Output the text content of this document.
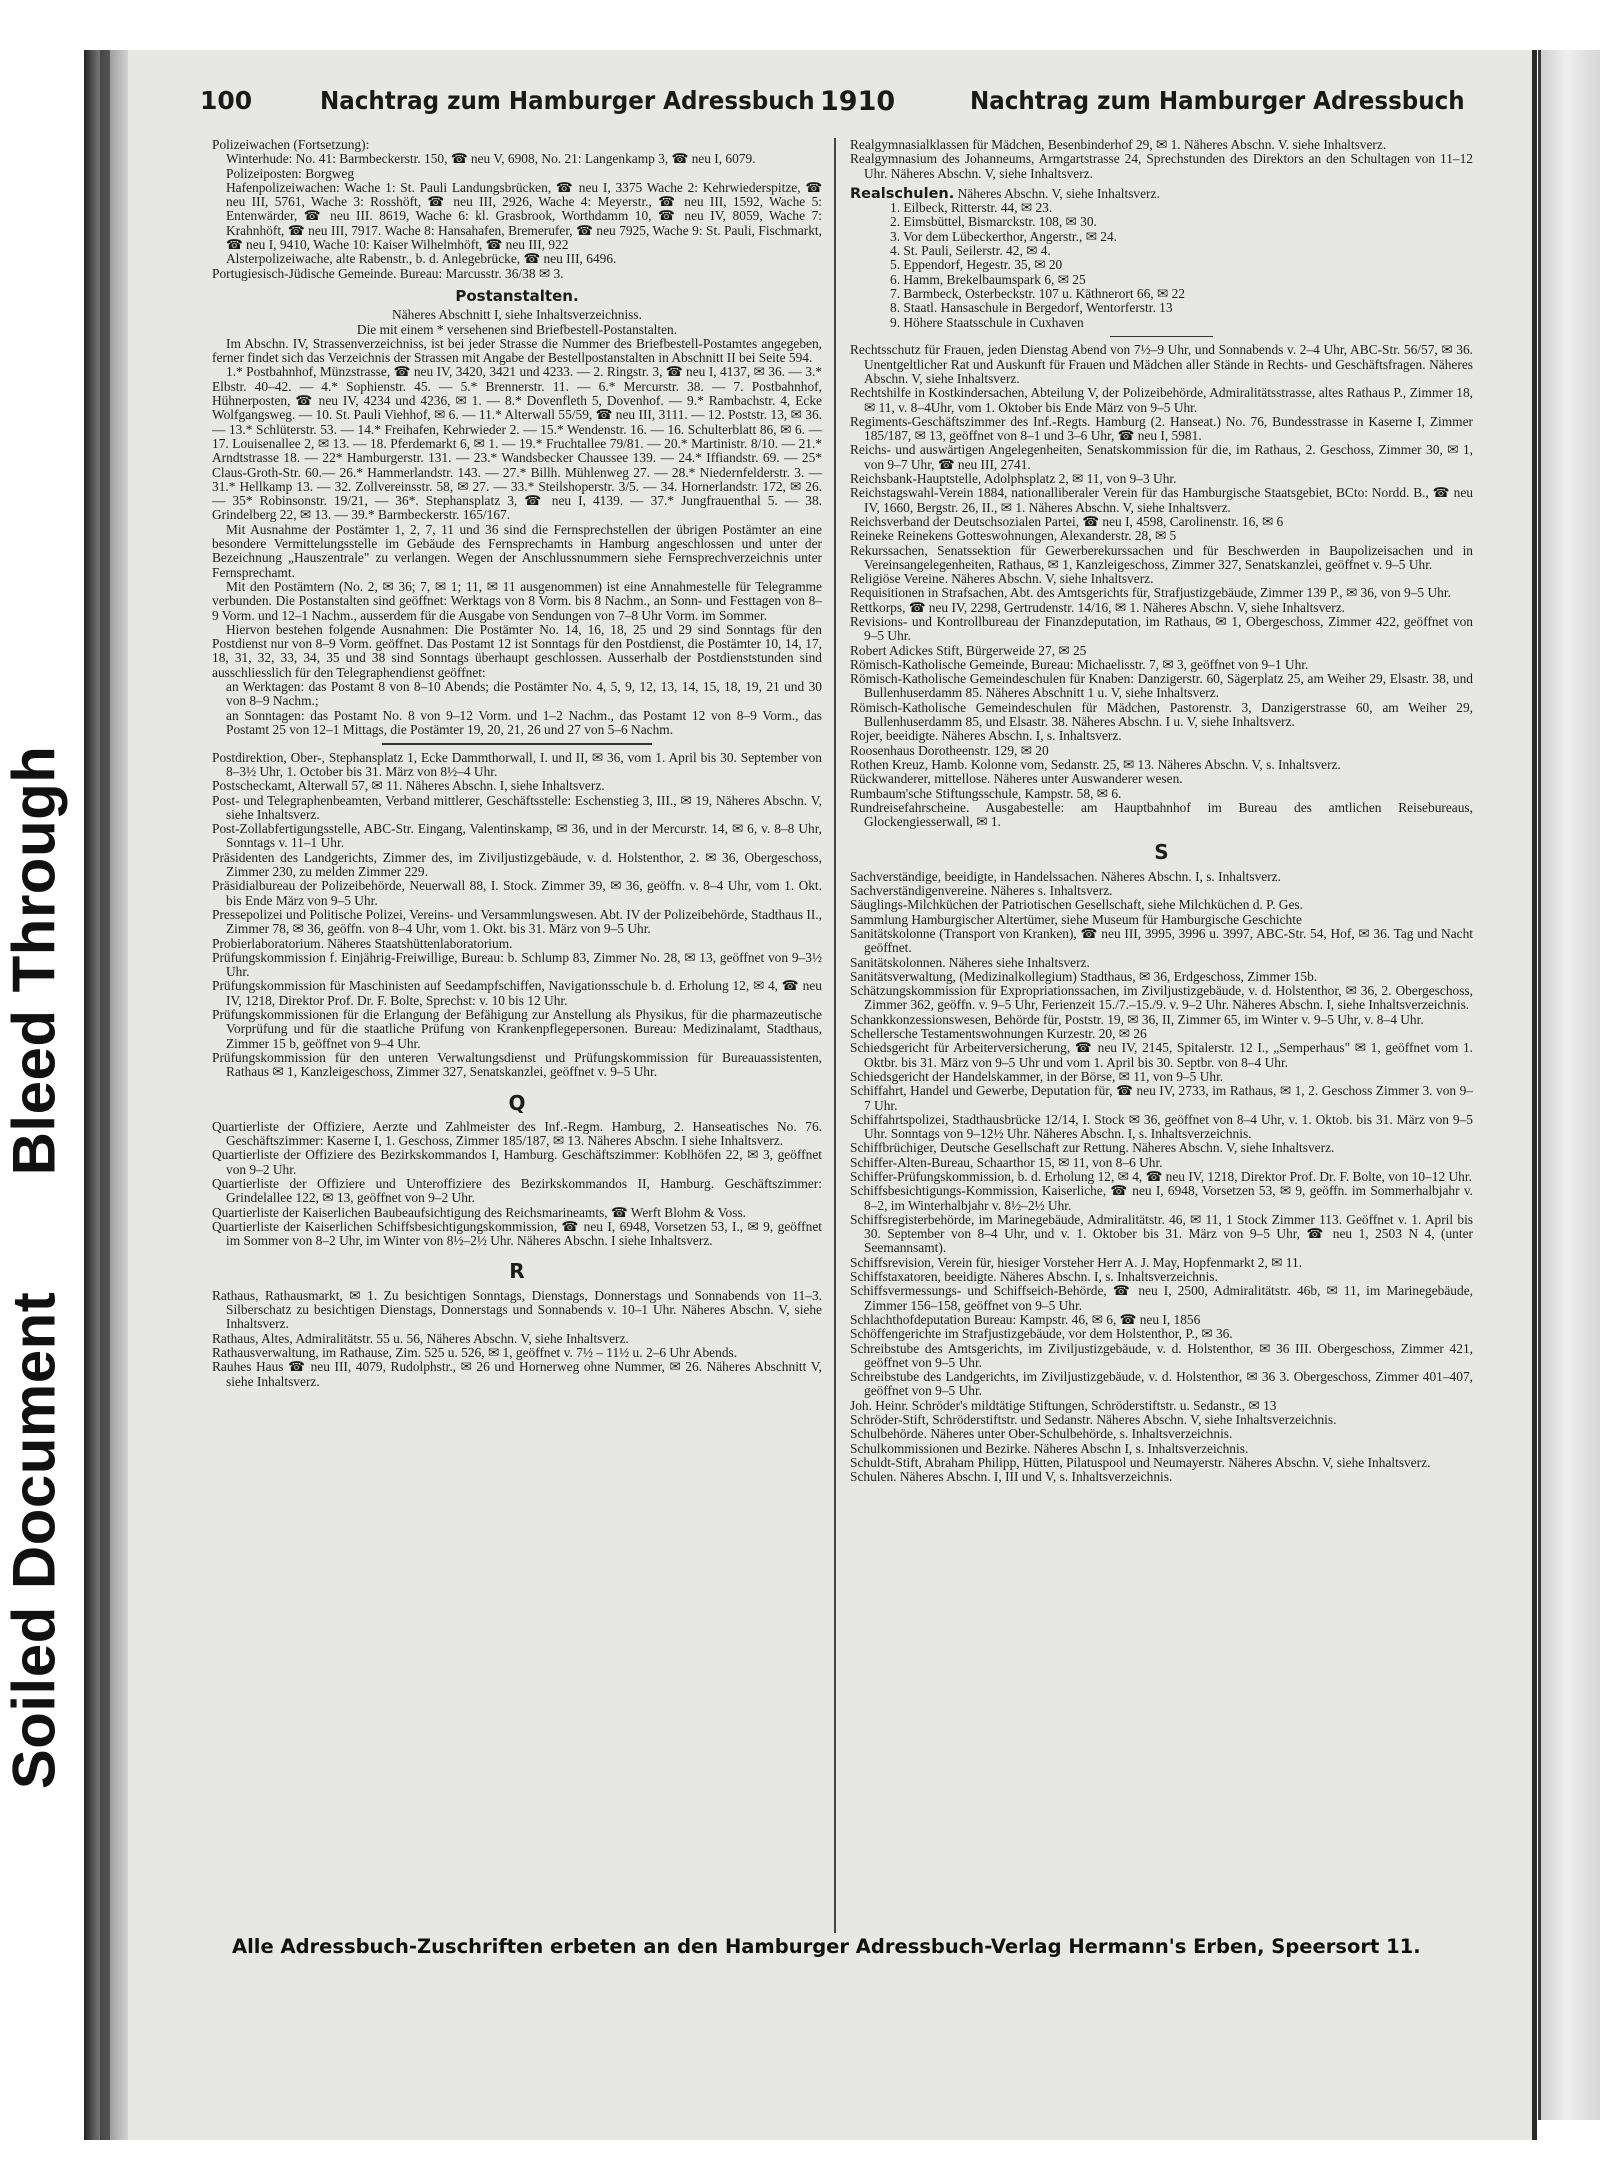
Bleed Through
Soiled Document
100	Nachtrag zum Hamburger Adressbuch 1910	Nachtrag zum Hamburger Adressbuch

Polizeiwachen (Fortsetzung):

Winterhude: No. 41: Barmbeckerstr. 150, ☎ neu V, 6908, No. 21: Langenkamp 3, ☎ neu I, 6079.

Polizeiposten: Borgweg

Hafenpolizeiwachen: Wache 1: St. Pauli Landungsbrücken, ☎ neu I, 3375 Wache 2: Kehrwiederspitze, ☎ neu III, 5761, Wache 3: Rosshöft, ☎ neu III, 2926, Wache 4: Meyerstr., ☎ neu III, 1592, Wache 5: Entenwärder, ☎ neu III. 8619, Wache 6: kl. Grasbrook, Worthdamm 10, ☎ neu IV, 8059, Wache 7: Krahnhöft, ☎ neu III, 7917. Wache 8: Hansahafen, Bremerufer, ☎ neu 7925, Wache 9: St. Pauli, Fischmarkt, ☎ neu I, 9410, Wache 10: Kaiser Wilhelmhöft, ☎ neu III, 922

Alsterpolizeiwache, alte Rabenstr., b. d. Anlegebrücke, ☎ neu III, 6496.

Portugiesisch-Jüdische Gemeinde. Bureau: Marcusstr. 36/38 ✉ 3.

Postanstalten.

Näheres Abschnitt I, siehe Inhaltsverzeichniss.

Die mit einem * versehenen sind Briefbestell-Postanstalten.

Im Abschn. IV, Strassenverzeichniss, ist bei jeder Strasse die Nummer des Briefbestell-Postamtes angegeben, ferner findet sich das Verzeichnis der Strassen mit Angabe der Bestellpostanstalten in Abschnitt II bei Seite 594.

1.* Postbahnhof, Münzstrasse, ☎ neu IV, 3420, 3421 und 4233. — 2. Ringstr. 3, ☎ neu I, 4137, ✉ 36. — 3.* Elbstr. 40–42. — 4.* Sophienstr. 45. — 5.* Brennerstr. 11. — 6.* Mercurstr. 38. — 7. Postbahnhof, Hühnerposten, ☎ neu IV, 4234 und 4236, ✉ 1. — 8.* Dovenfleth 5, Dovenhof. — 9.* Rambachstr. 4, Ecke Wolfgangsweg. — 10. St. Pauli Viehhof, ✉ 6. — 11.* Alterwall 55/59, ☎ neu III, 3111. — 12. Poststr. 13, ✉ 36. — 13.* Schlüterstr. 53. — 14.* Freihafen, Kehrwieder 2. — 15.* Wendenstr. 16. — 16. Schulterblatt 86, ✉ 6. — 17. Louisenallee 2, ✉ 13. — 18. Pferdemarkt 6, ✉ 1. — 19.* Fruchtallee 79/81. — 20.* Martinistr. 8/10. — 21.* Arndtstrasse 18. — 22* Hamburgerstr. 131. — 23.* Wandsbecker Chaussee 139. — 24.* Iffiandstr. 69. — 25* Claus-Groth-Str. 60.— 26.* Hammerlandstr. 143. — 27.* Billh. Mühlenweg 27. — 28.* Niedernfelderstr. 3. — 31.* Hellkamp 13. — 32. Zollvereinsstr. 58, ✉ 27. — 33.* Steilshoperstr. 3/5. — 34. Hornerlandstr. 172, ✉ 26. — 35* Robinsonstr. 19/21, — 36*. Stephansplatz 3, ☎ neu I, 4139. — 37.* Jungfrauenthal 5. — 38. Grindelberg 22, ✉ 13. — 39.* Barmbeckerstr. 165/167.

Mit Ausnahme der Postämter 1, 2, 7, 11 und 36 sind die Fernsprechstellen der übrigen Postämter an eine besondere Vermittelungsstelle im Gebäude des Fernsprechamts in Hamburg angeschlossen und unter der Bezeichnung „Hauszentrale" zu verlangen. Wegen der Anschlussnummern siehe Fernsprechverzeichnis unter Fernsprechamt.

Mit den Postämtern (No. 2, ✉ 36; 7, ✉ 1; 11, ✉ 11 ausgenommen) ist eine Annahmestelle für Telegramme verbunden. Die Postanstalten sind geöffnet: Werktags von 8 Vorm. bis 8 Nachm., an Sonn- und Festtagen von 8–9 Vorm. und 12–1 Nachm., ausserdem für die Ausgabe von Sendungen von 7–8 Uhr Vorm. im Sommer.

Hiervon bestehen folgende Ausnahmen: Die Postämter No. 14, 16, 18, 25 und 29 sind Sonntags für den Postdienst nur von 8–9 Vorm. geöffnet. Das Postamt 12 ist Sonntags für den Postdienst, die Postämter 10, 14, 17, 18, 31, 32, 33, 34, 35 und 38 sind Sonntags überhaupt geschlossen. Ausserhalb der Postdienststunden sind ausschliesslich für den Telegraphendienst geöffnet:

an Werktagen: das Postamt 8 von 8–10 Abends; die Postämter No. 4, 5, 9, 12, 13, 14, 15, 18, 19, 21 und 30 von 8–9 Nachm.;

an Sonntagen: das Postamt No. 8 von 9–12 Vorm. und 1–2 Nachm., das Postamt 12 von 8–9 Vorm., das Postamt 25 von 12–1 Mittags, die Postämter 19, 20, 21, 26 und 27 von 5–6 Nachm.

Postdirektion, Ober-, Stephansplatz 1, Ecke Dammthorwall, I. und II, ✉ 36, vom 1. April bis 30. September von 8–3½ Uhr, 1. October bis 31. März von 8½–4 Uhr.

Postscheckamt, Alterwall 57, ✉ 11. Näheres Abschn. I, siehe Inhaltsverz.

Post- und Telegraphenbeamten, Verband mittlerer, Geschäftsstelle: Eschenstieg 3, III., ✉ 19, Näheres Abschn. V, siehe Inhaltsverz.

Post-Zollabfertigungsstelle, ABC-Str. Eingang, Valentinskamp, ✉ 36, und in der Mercurstr. 14, ✉ 6, v. 8–8 Uhr, Sonntags v. 11–1 Uhr.

Präsidenten des Landgerichts, Zimmer des, im Ziviljustizgebäude, v. d. Holstenthor, 2. ✉ 36, Obergeschoss, Zimmer 230, zu melden Zimmer 229.

Präsidialbureau der Polizeibehörde, Neuerwall 88, I. Stock. Zimmer 39, ✉ 36, geöffn. v. 8–4 Uhr, vom 1. Okt. bis Ende März von 9–5 Uhr.

Pressepolizei und Politische Polizei, Vereins- und Versammlungswesen. Abt. IV der Polizeibehörde, Stadthaus II., Zimmer 78, ✉ 36, geöffn. von 8–4 Uhr, vom 1. Okt. bis 31. März von 9–5 Uhr.

Probierlaboratorium. Näheres Staatshüttenlaboratorium.

Prüfungskommission f. Einjährig-Freiwillige, Bureau: b. Schlump 83, Zimmer No. 28, ✉ 13, geöffnet von 9–3½ Uhr.

Prüfungskommission für Maschinisten auf Seedampfschiffen, Navigationsschule b. d. Erholung 12, ✉ 4, ☎ neu IV, 1218, Direktor Prof. Dr. F. Bolte, Sprechst: v. 10 bis 12 Uhr.

Prüfungskommissionen für die Erlangung der Befähigung zur Anstellung als Physikus, für die pharmazeutische Vorprüfung und für die staatliche Prüfung von Krankenpflegepersonen. Bureau: Medizinalamt, Stadthaus, Zimmer 15 b, geöffnet von 9–4 Uhr.

Prüfungskommission für den unteren Verwaltungsdienst und Prüfungskommission für Bureauassistenten, Rathaus ✉ 1, Kanzleigeschoss, Zimmer 327, Senatskanzlei, geöffnet v. 9–5 Uhr.

Q

Quartierliste der Offiziere, Aerzte und Zahlmeister des Inf.-Regm. Hamburg, 2. Hanseatisches No. 76. Geschäftszimmer: Kaserne I, 1. Geschoss, Zimmer 185/187, ✉ 13. Näheres Abschn. I siehe Inhaltsverz.

Quartierliste der Offiziere des Bezirkskommandos I, Hamburg. Geschäftszimmer: Koblhöfen 22, ✉ 3, geöffnet von 9–2 Uhr.

Quartierliste der Offiziere und Unteroffiziere des Bezirkskommandos II, Hamburg. Geschäftszimmer: Grindelallee 122, ✉ 13, geöffnet von 9–2 Uhr.

Quartierliste der Kaiserlichen Baubeaufsichtigung des Reichsmarineamts, ☎ Werft Blohm & Voss.

Quartierliste der Kaiserlichen Schiffsbesichtigungskommission, ☎ neu I, 6948, Vorsetzen 53, I., ✉ 9, geöffnet im Sommer von 8–2 Uhr, im Winter von 8½–2½ Uhr. Näheres Abschn. I siehe Inhaltsverz.

R

Rathaus, Rathausmarkt, ✉ 1. Zu besichtigen Sonntags, Dienstags, Donnerstags und Sonnabends von 11–3. Silberschatz zu besichtigen Dienstags, Donnerstags und Sonnabends v. 10–1 Uhr. Näheres Abschn. V, siehe Inhaltsverz.

Rathaus, Altes, Admiralitätstr. 55 u. 56, Näheres Abschn. V, siehe Inhaltsverz.

Rathausverwaltung, im Rathause, Zim. 525 u. 526, ✉ 1, geöffnet v. 7½ – 11½ u. 2–6 Uhr Abends.

Rauhes Haus ☎ neu III, 4079, Rudolphstr., ✉ 26 und Hornerweg ohne Nummer, ✉ 26. Näheres Abschnitt V, siehe Inhaltsverz.

Realgymnasialklassen für Mädchen, Besenbinderhof 29, ✉ 1. Näheres Abschn. V. siehe Inhaltsverz.

Realgymnasium des Johanneums, Armgartstrasse 24, Sprechstunden des Direktors an den Schultagen von 11–12 Uhr. Näheres Abschn. V, siehe Inhaltsverz.

Realschulen. Näheres Abschn. V, siehe Inhaltsverz.

1. Eilbeck, Ritterstr. 44, ✉ 23.

2. Eimsbüttel, Bismarckstr. 108, ✉ 30.

3. Vor dem Lübeckerthor, Angerstr., ✉ 24.

4. St. Pauli, Seilerstr. 42, ✉ 4.

5. Eppendorf, Hegestr. 35, ✉ 20

6. Hamm, Brekelbaumspark 6, ✉ 25

7. Barmbeck, Osterbeckstr. 107 u. Käthnerort 66, ✉ 22

8. Staatl. Hansaschule in Bergedorf, Wentorferstr. 13

9. Höhere Staatsschule in Cuxhaven

Rechtsschutz für Frauen, jeden Dienstag Abend von 7½–9 Uhr, und Sonnabends v. 2–4 Uhr, ABC-Str. 56/57, ✉ 36. Unentgeltlicher Rat und Auskunft für Frauen und Mädchen aller Stände in Rechts- und Geschäftsfragen. Näheres Abschn. V, siehe Inhaltsverz.

Rechtshilfe in Kostkindersachen, Abteilung V, der Polizeibehörde, Admiralitätsstrasse, altes Rathaus P., Zimmer 18, ✉ 11, v. 8–4Uhr, vom 1. Oktober bis Ende März von 9–5 Uhr.

Regiments-Geschäftszimmer des Inf.-Regts. Hamburg (2. Hanseat.) No. 76, Bundesstrasse in Kaserne I, Zimmer 185/187, ✉ 13, geöffnet von 8–1 und 3–6 Uhr, ☎ neu I, 5981.

Reichs- und auswärtigen Angelegenheiten, Senatskommission für die, im Rathaus, 2. Geschoss, Zimmer 30, ✉ 1, von 9–7 Uhr, ☎ neu III, 2741.

Reichsbank-Hauptstelle, Adolphsplatz 2, ✉ 11, von 9–3 Uhr.

Reichstagswahl-Verein 1884, nationalliberaler Verein für das Hamburgische Staatsgebiet, BCto: Nordd. B., ☎ neu IV, 1660, Bergstr. 26, II., ✉ 1. Näheres Abschn. V, siehe Inhaltsverz.

Reichsverband der Deutschsozialen Partei, ☎ neu I, 4598, Carolinenstr. 16, ✉ 6

Reineke Reinekens Gotteswohnungen, Alexanderstr. 28, ✉ 5

Rekurssachen, Senatssektion für Gewerberekurssachen und für Beschwerden in Baupolizeisachen und in Vereinsangelegenheiten, Rathaus, ✉ 1, Kanzleigeschoss, Zimmer 327, Senatskanzlei, geöffnet v. 9–5 Uhr.

Religiöse Vereine. Näheres Abschn. V, siehe Inhaltsverz.

Requisitionen in Strafsachen, Abt. des Amtsgerichts für, Strafjustizgebäude, Zimmer 139 P., ✉ 36, von 9–5 Uhr.

Rettkorps, ☎ neu IV, 2298, Gertrudenstr. 14/16, ✉ 1. Näheres Abschn. V, siehe Inhaltsverz.

Revisions- und Kontrollbureau der Finanzdeputation, im Rathaus, ✉ 1, Obergeschoss, Zimmer 422, geöffnet von 9–5 Uhr.

Robert Adickes Stift, Bürgerweide 27, ✉ 25

Römisch-Katholische Gemeinde, Bureau: Michaelisstr. 7, ✉ 3, geöffnet von 9–1 Uhr.

Römisch-Katholische Gemeindeschulen für Knaben: Danzigerstr. 60, Sägerplatz 25, am Weiher 29, Elsastr. 38, und Bullenhuserdamm 85. Näheres Abschnitt 1 u. V, siehe Inhaltsverz.

Römisch-Katholische Gemeindeschulen für Mädchen, Pastorenstr. 3, Danzigerstrasse 60, am Weiher 29, Bullenhuserdamm 85, und Elsastr. 38. Näheres Abschn. I u. V, siehe Inhaltsverz.

Rojer, beeidigte. Näheres Abschn. I, s. Inhaltsverz.

Roosenhaus Dorotheenstr. 129, ✉ 20

Rothen Kreuz, Hamb. Kolonne vom, Sedanstr. 25, ✉ 13. Näheres Abschn. V, s. Inhaltsverz.

Rückwanderer, mittellose. Näheres unter Auswanderer wesen.

Rumbaum'sche Stiftungsschule, Kampstr. 58, ✉ 6.

Rundreisefahrscheine. Ausgabestelle: am Hauptbahnhof im Bureau des amtlichen Reisebureaus, Glockengiesserwall, ✉ 1.

S

Sachverständige, beeidigte, in Handelssachen. Näheres Abschn. I, s. Inhaltsverz.

Sachverständigenvereine. Näheres s. Inhaltsverz.

Säuglings-Milchküchen der Patriotischen Gesellschaft, siehe Milchküchen d. P. Ges.

Sammlung Hamburgischer Altertümer, siehe Museum für Hamburgische Geschichte

Sanitätskolonne (Transport von Kranken), ☎ neu III, 3995, 3996 u. 3997, ABC-Str. 54, Hof, ✉ 36. Tag und Nacht geöffnet.

Sanitätskolonnen. Näheres siehe Inhaltsverz.

Sanitätsverwaltung, (Medizinalkollegium) Stadthaus, ✉ 36, Erdgeschoss, Zimmer 15b.

Schätzungskommission für Expropriationssachen, im Ziviljustizgebäude, v. d. Holstenthor, ✉ 36, 2. Obergeschoss, Zimmer 362, geöffn. v. 9–5 Uhr, Ferienzeit 15./7.–15./9. v. 9–2 Uhr. Näheres Abschn. I, siehe Inhaltsverzeichnis.

Schankkonzessionswesen, Behörde für, Poststr. 19, ✉ 36, II, Zimmer 65, im Winter v. 9–5 Uhr, v. 8–4 Uhr.

Schellersche Testamentswohnungen Kurzestr. 20, ✉ 26

Schiedsgericht für Arbeiterversicherung, ☎ neu IV, 2145, Spitalerstr. 12 I., „Semperhaus" ✉ 1, geöffnet vom 1. Oktbr. bis 31. März von 9–5 Uhr und vom 1. April bis 30. Septbr. von 8–4 Uhr.

Schiedsgericht der Handelskammer, in der Börse, ✉ 11, von 9–5 Uhr.

Schiffahrt, Handel und Gewerbe, Deputation für, ☎ neu IV, 2733, im Rathaus, ✉ 1, 2. Geschoss Zimmer 3. von 9–7 Uhr.

Schiffahrtspolizei, Stadthausbrücke 12/14, I. Stock ✉ 36, geöffnet von 8–4 Uhr, v. 1. Oktob. bis 31. März von 9–5 Uhr. Sonntags von 9–12½ Uhr. Näheres Abschn. I, s. Inhaltsverzeichnis.

Schiffbrüchiger, Deutsche Gesellschaft zur Rettung. Näheres Abschn. V, siehe Inhaltsverz.

Schiffer-Alten-Bureau, Schaarthor 15, ✉ 11, von 8–6 Uhr.

Schiffer-Prüfungskommission, b. d. Erholung 12, ✉ 4, ☎ neu IV, 1218, Direktor Prof. Dr. F. Bolte, von 10–12 Uhr.

Schiffsbesichtigungs-Kommission, Kaiserliche, ☎ neu I, 6948, Vorsetzen 53, ✉ 9, geöffn. im Sommerhalbjahr v. 8–2, im Winterhalbjahr v. 8½–2½ Uhr.

Schiffsregisterbehörde, im Marinegebäude, Admiralitätstr. 46, ✉ 11, 1 Stock Zimmer 113. Geöffnet v. 1. April bis 30. September von 8–4 Uhr, und v. 1. Oktober bis 31. März von 9–5 Uhr, ☎ neu 1, 2503 N 4, (unter Seemannsamt).

Schiffsrevision, Verein für, hiesiger Vorsteher Herr A. J. May, Hopfenmarkt 2, ✉ 11.

Schiffstaxatoren, beeidigte. Näheres Abschn. I, s. Inhaltsverzeichnis.

Schiffsvermessungs- und Schiffseich-Behörde, ☎ neu I, 2500, Admiralitätstr. 46b, ✉ 11, im Marinegebäude, Zimmer 156–158, geöffnet von 9–5 Uhr.

Schlachthofdeputation Bureau: Kampstr. 46, ✉ 6, ☎ neu I, 1856

Schöffengerichte im Strafjustizgebäude, vor dem Holstenthor, P., ✉ 36.

Schreibstube des Amtsgerichts, im Ziviljustizgebäude, v. d. Holstenthor, ✉ 36 III. Obergeschoss, Zimmer 421, geöffnet von 9–5 Uhr.

Schreibstube des Landgerichts, im Ziviljustizgebäude, v. d. Holstenthor, ✉ 36 3. Obergeschoss, Zimmer 401–407, geöffnet von 9–5 Uhr.

Joh. Heinr. Schröder's mildtätige Stiftungen, Schröderstiftstr. u. Sedanstr., ✉ 13

Schröder-Stift, Schröderstiftstr. und Sedanstr. Näheres Abschn. V, siehe Inhaltsverzeichnis.

Schulbehörde. Näheres unter Ober-Schulbehörde, s. Inhaltsverzeichnis.

Schulkommissionen und Bezirke. Näheres Abschn I, s. Inhaltsverzeichnis.

Schuldt-Stift, Abraham Philipp, Hütten, Pilatuspool und Neumayerstr. Näheres Abschn. V, siehe Inhaltsverz.

Schulen. Näheres Abschn. I, III und V, s. Inhaltsverzeichnis.

Alle Adressbuch-Zuschriften erbeten an den Hamburger Adressbuch-Verlag Hermann's Erben, Speersort 11.
